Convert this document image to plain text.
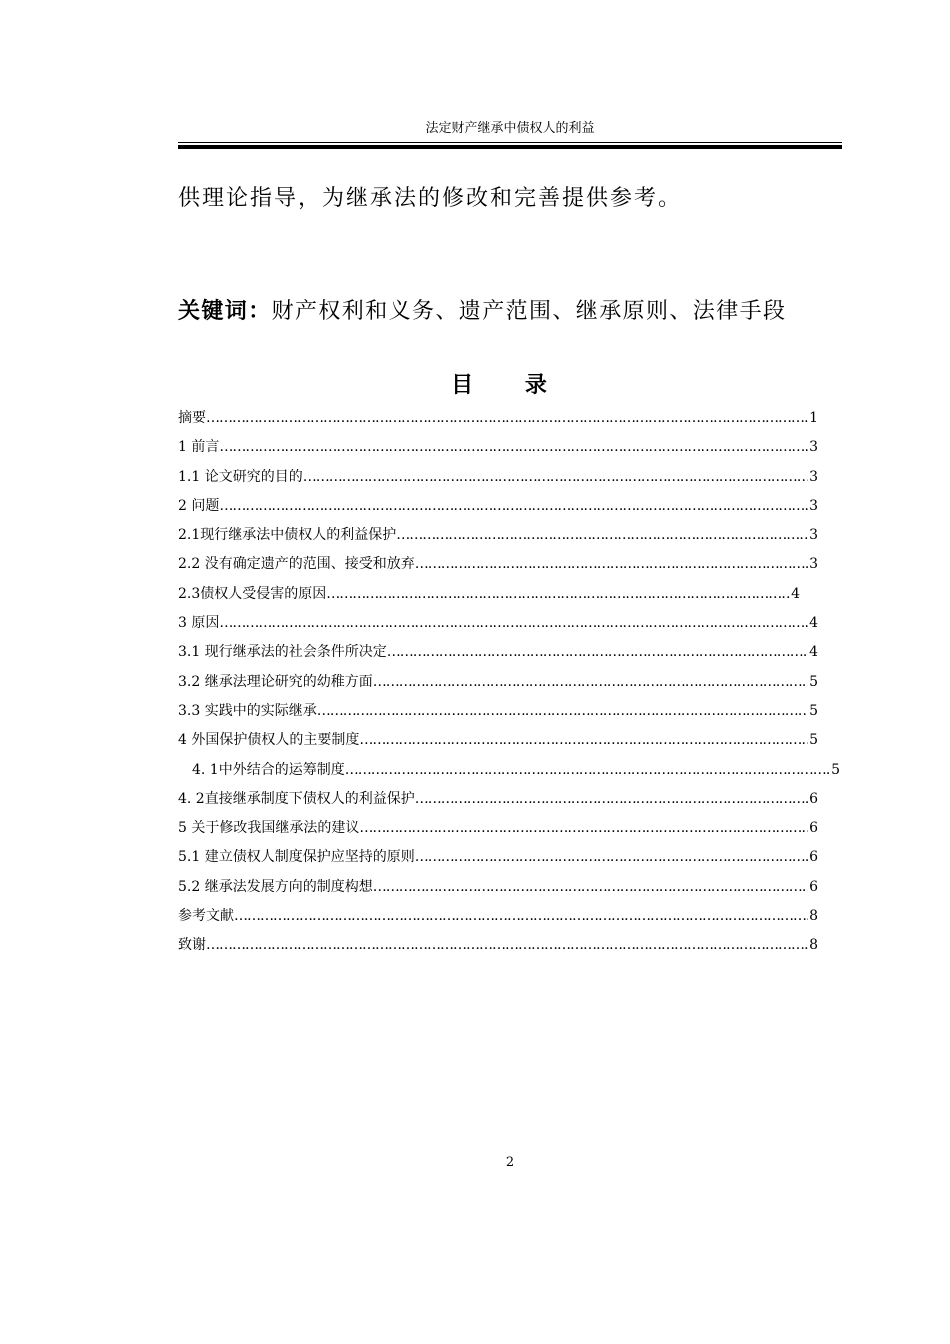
法定财产继承中债权人的利益
供理论指导，为继承法的修改和完善提供参考。
关键词：财产权利和义务、遗产范围、继承原则、法律手段
目 录
摘要 …………………………………………………………………………………………………………………………………………………………………………………………	1
1 前言 …………………………………………………………………………………………………………………………………………………………………………………………	3
1.1 论文研究的目的 …………………………………………………………………………………………………………………………………………………………………………………………	3
2 问题 …………………………………………………………………………………………………………………………………………………………………………………………	3
2.1现行继承法中债权人的利益保护 …………………………………………………………………………………………………………………………………………………………………………………………	3
2.2 没有确定遗产的范围、接受和放弃 …………………………………………………………………………………………………………………………………………………………………………………………	3
2.3债权人受侵害的原因 …………………………………………………………………………………………………………………………………………………………………………………………	4
3 原因 …………………………………………………………………………………………………………………………………………………………………………………………	4
3.1 现行继承法的社会条件所决定 …………………………………………………………………………………………………………………………………………………………………………………………	4
3.2 继承法理论研究的幼稚方面 …………………………………………………………………………………………………………………………………………………………………………………………	5
3.3 实践中的实际继承 …………………………………………………………………………………………………………………………………………………………………………………………	5
4 外国保护债权人的主要制度 …………………………………………………………………………………………………………………………………………………………………………………………	5
4. 1中外结合的运筹制度 …………………………………………………………………………………………………………………………………………………………………………………………	5
4. 2直接继承制度下债权人的利益保护 …………………………………………………………………………………………………………………………………………………………………………………………	6
5 关于修改我国继承法的建议 …………………………………………………………………………………………………………………………………………………………………………………………	6
5.1 建立债权人制度保护应坚持的原则 …………………………………………………………………………………………………………………………………………………………………………………………	6
5.2 继承法发展方向的制度构想 …………………………………………………………………………………………………………………………………………………………………………………………	6
参考文献 …………………………………………………………………………………………………………………………………………………………………………………………	8
致谢 …………………………………………………………………………………………………………………………………………………………………………………………	8
2
